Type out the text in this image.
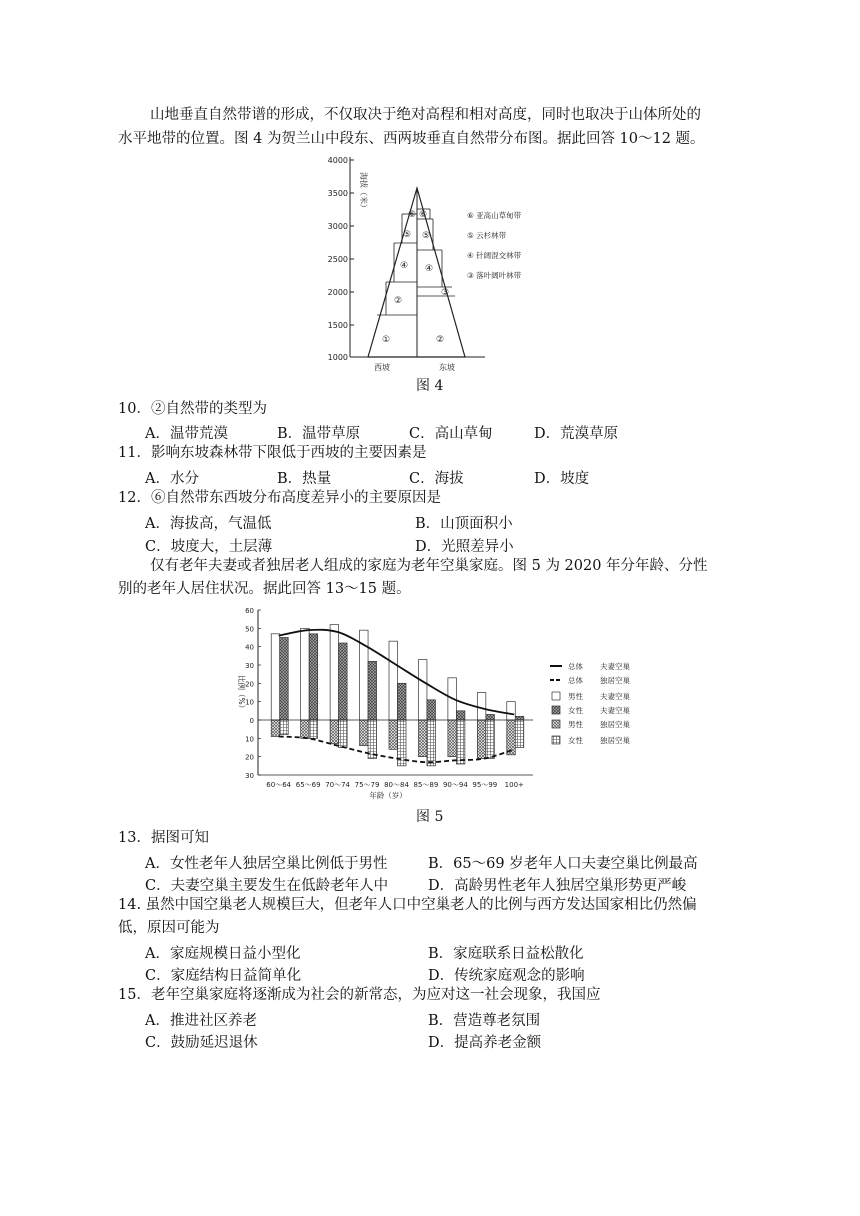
山地垂直自然带谱的形成，不仅取决于绝对高程和相对高度，同时也取决于山体所处的
水平地带的位置。图 4 为贺兰山中段东、西两坡垂直自然带分布图。据此回答 10～12 题。
4000
3500
3000
2500
2000
1500
1000
海拔（米）
⑥
⑤
④
②
①
⑥
⑤
④
③
②
⑥ 亚高山草甸带
⑤ 云杉林带
④ 针阔混交林带
③ 落叶阔叶林带
西坡	东坡
图 4
10．②自然带的类型为
A．温带荒漠	B．温带草原	C．高山草甸	D．荒漠草原
11．影响东坡森林带下限低于西坡的主要因素是
A．水分	B．热量	C．海拔	D．坡度
12．⑥自然带东西坡分布高度差异小的主要原因是
A．海拔高，气温低	B．山顶面积小
C．坡度大，土层薄	D．光照差异小
仅有老年夫妻或者独居老人组成的家庭为老年空巢家庭。图 5 为 2020 年分年龄、分性
别的老年人居住状况。据此回答 13～15 题。
比例（%）
60
50
40
30
20
10
0
10
20
30
60～64 65～69 70～74 75～79 80～84 85～89 90～94 95～99 100+
年龄（岁）
总体 夫妻空巢
总体 独居空巢
男性 夫妻空巢
女性 夫妻空巢
男性 独居空巢
女性 独居空巢
图 5
13．据图可知
A．女性老年人独居空巢比例低于男性	B．65～69 岁老年人口夫妻空巢比例最高
C．夫妻空巢主要发生在低龄老年人中	D．高龄男性老年人独居空巢形势更严峻
14. 虽然中国空巢老人规模巨大，但老年人口中空巢老人的比例与西方发达国家相比仍然偏
低，原因可能为
A．家庭规模日益小型化	B．家庭联系日益松散化
C．家庭结构日益简单化	D．传统家庭观念的影响
15．老年空巢家庭将逐渐成为社会的新常态，为应对这一社会现象，我国应
A．推进社区养老	B．营造尊老氛围
C．鼓励延迟退休	D．提高养老金额
